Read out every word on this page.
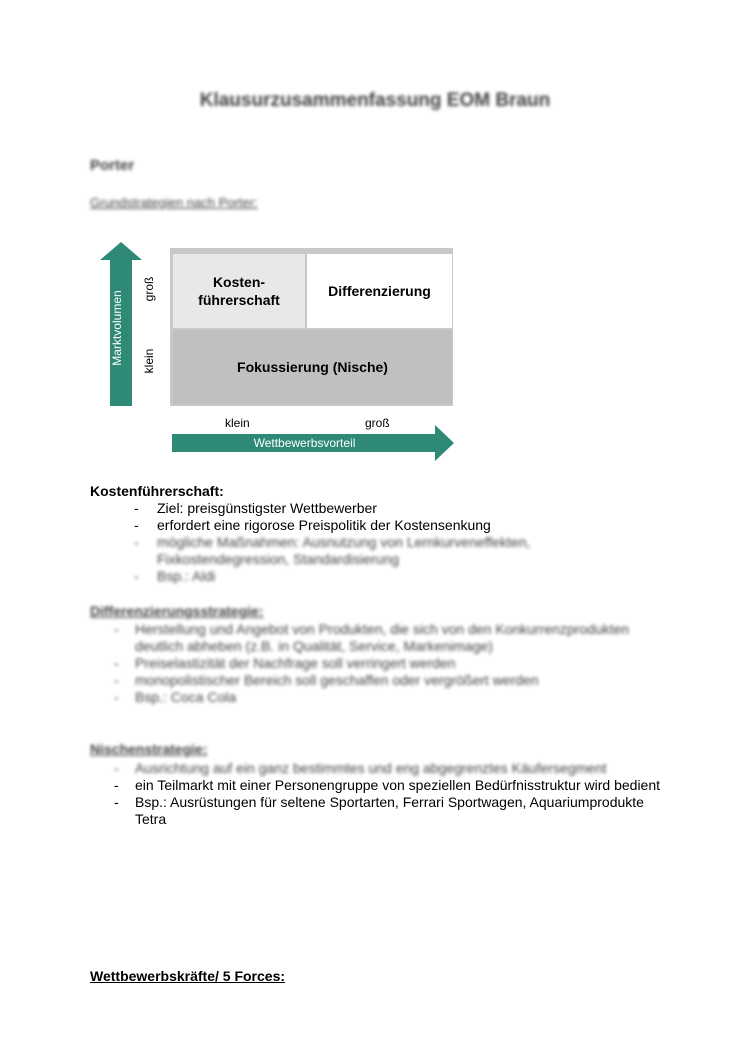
Klausurzusammenfassung EOM Braun
Porter
Grundstrategien nach Porter:
Marktvolumen
groß
klein
Kosten-
führerschaft
Differenzierung
Fokussierung (Nische)
klein	groß
Wettbewerbsvorteil
Kostenführerschaft:
- Ziel: preisgünstigster Wettbewerber
- erfordert eine rigorose Preispolitik der Kostensenkung
- mögliche Maßnahmen: Ausnutzung von Lernkurveneffekten, Fixkostendegression, Standardisierung
- Bsp.: Aldi
Differenzierungsstrategie:
- Herstellung und Angebot von Produkten, die sich von den Konkurrenzprodukten deutlich abheben (z.B. in Qualität, Service, Markenimage)
- Preiselastizität der Nachfrage soll verringert werden
- monopolistischer Bereich soll geschaffen oder vergrößert werden
- Bsp.: Coca Cola
Nischenstrategie:
- Ausrichtung auf ein ganz bestimmtes und eng abgegrenztes Käufersegment
- ein Teilmarkt mit einer Personengruppe von speziellen Bedürfnisstruktur wird bedient
- Bsp.: Ausrüstungen für seltene Sportarten, Ferrari Sportwagen, Aquariumprodukte Tetra
Wettbewerbskräfte/ 5 Forces:
